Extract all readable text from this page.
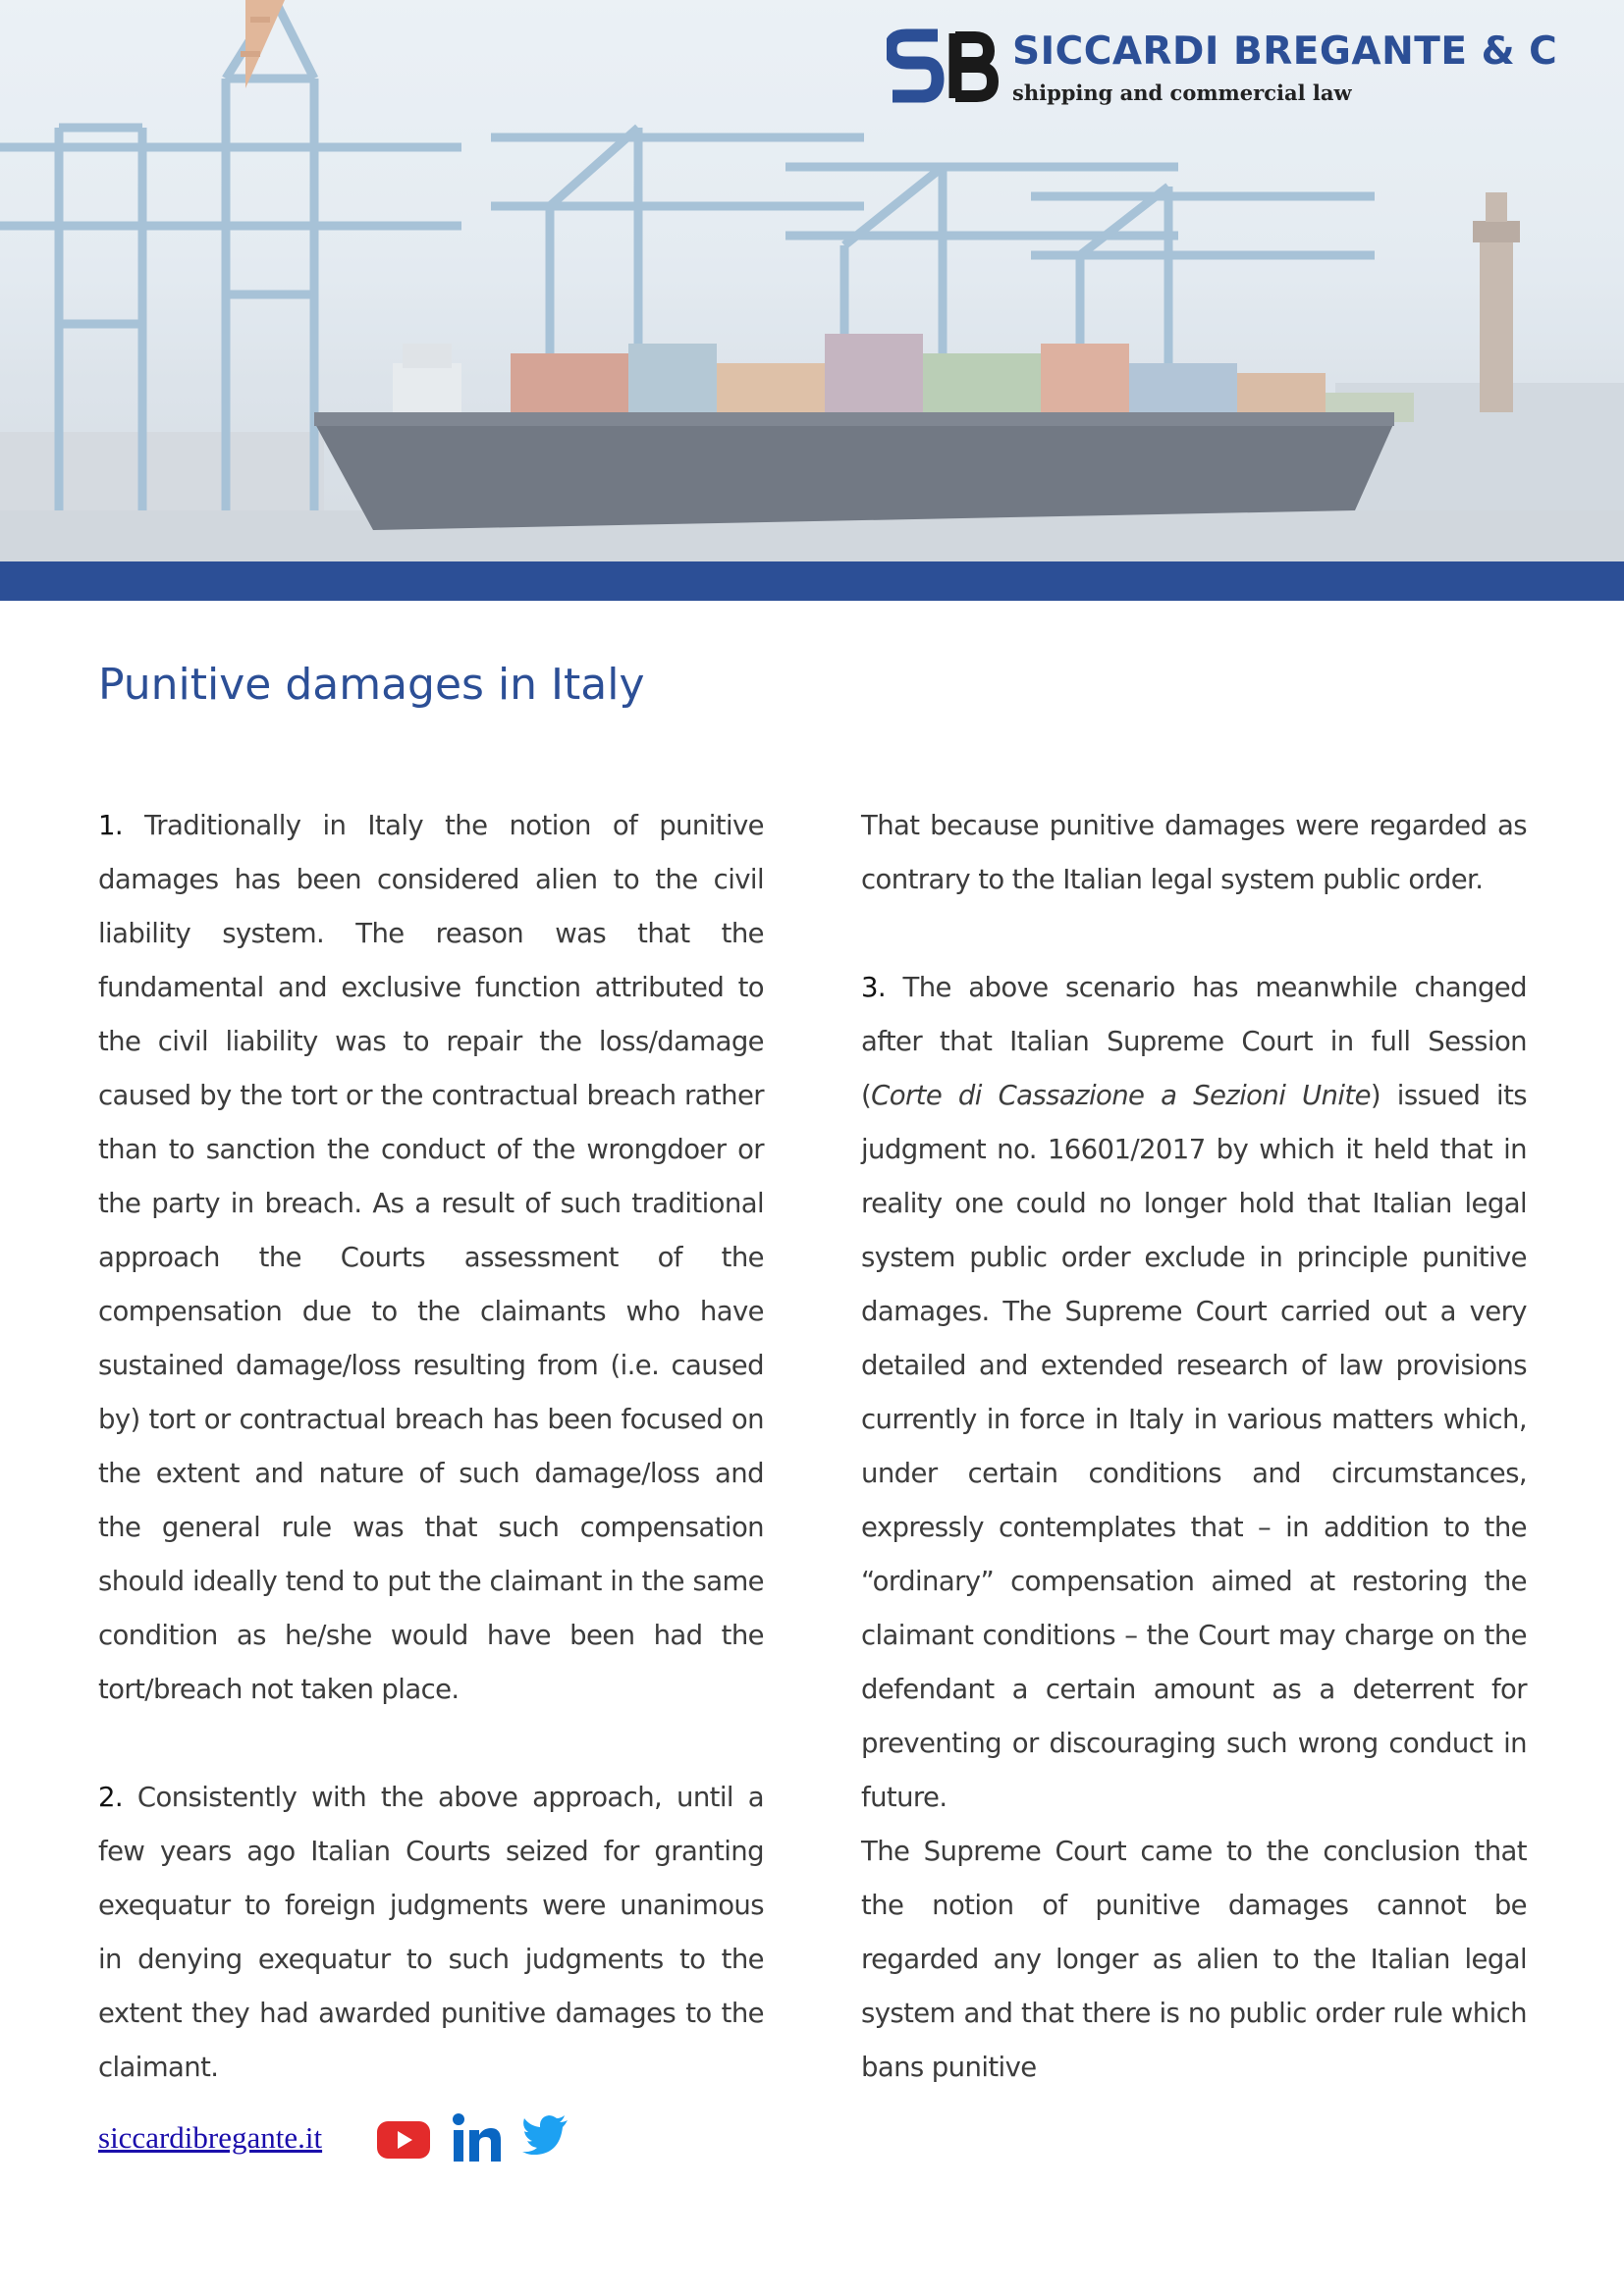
SICCARDI BREGANTE & C
shipping and commercial law
Punitive damages in Italy

1. Traditionally in Italy the notion of punitive damages has been considered alien to the civil liability system. The reason was that the fundamental and exclusive function attributed to the civil liability was to repair the loss/damage caused by the tort or the contractual breach rather than to sanction the conduct of the wrongdoer or the party in breach. As a result of such traditional approach the Courts assessment of the compensation due to the claimants who have sustained damage/loss resulting from (i.e. caused by) tort or contractual breach has been focused on the extent and nature of such damage/loss and the general rule was that such compensation should ideally tend to put the claimant in the same condition as he/she would have been had the tort/breach not taken place.

2. Consistently with the above approach, until a few years ago Italian Courts seized for granting exequatur to foreign judgments were unanimous in denying exequatur to such judgments to the extent they had awarded punitive damages to the claimant.

That because punitive damages were regarded as contrary to the Italian legal system public order.

3. The above scenario has meanwhile changed after that Italian Supreme Court in full Session (Corte di Cassazione a Sezioni Unite) issued its judgment no. 16601/2017 by which it held that in reality one could no longer hold that Italian legal system public order exclude in principle punitive damages. The Supreme Court carried out a very detailed and extended research of law provisions currently in force in Italy in various matters which, under certain conditions and circumstances, expressly contemplates that – in addition to the “ordinary” compensation aimed at restoring the claimant conditions – the Court may charge on the defendant a certain amount as a deterrent for preventing or discouraging such wrong conduct in future.

The Supreme Court came to the conclusion that the notion of punitive damages cannot be regarded any longer as alien to the Italian legal system and that there is no public order rule which bans punitive

siccardibregante.it
